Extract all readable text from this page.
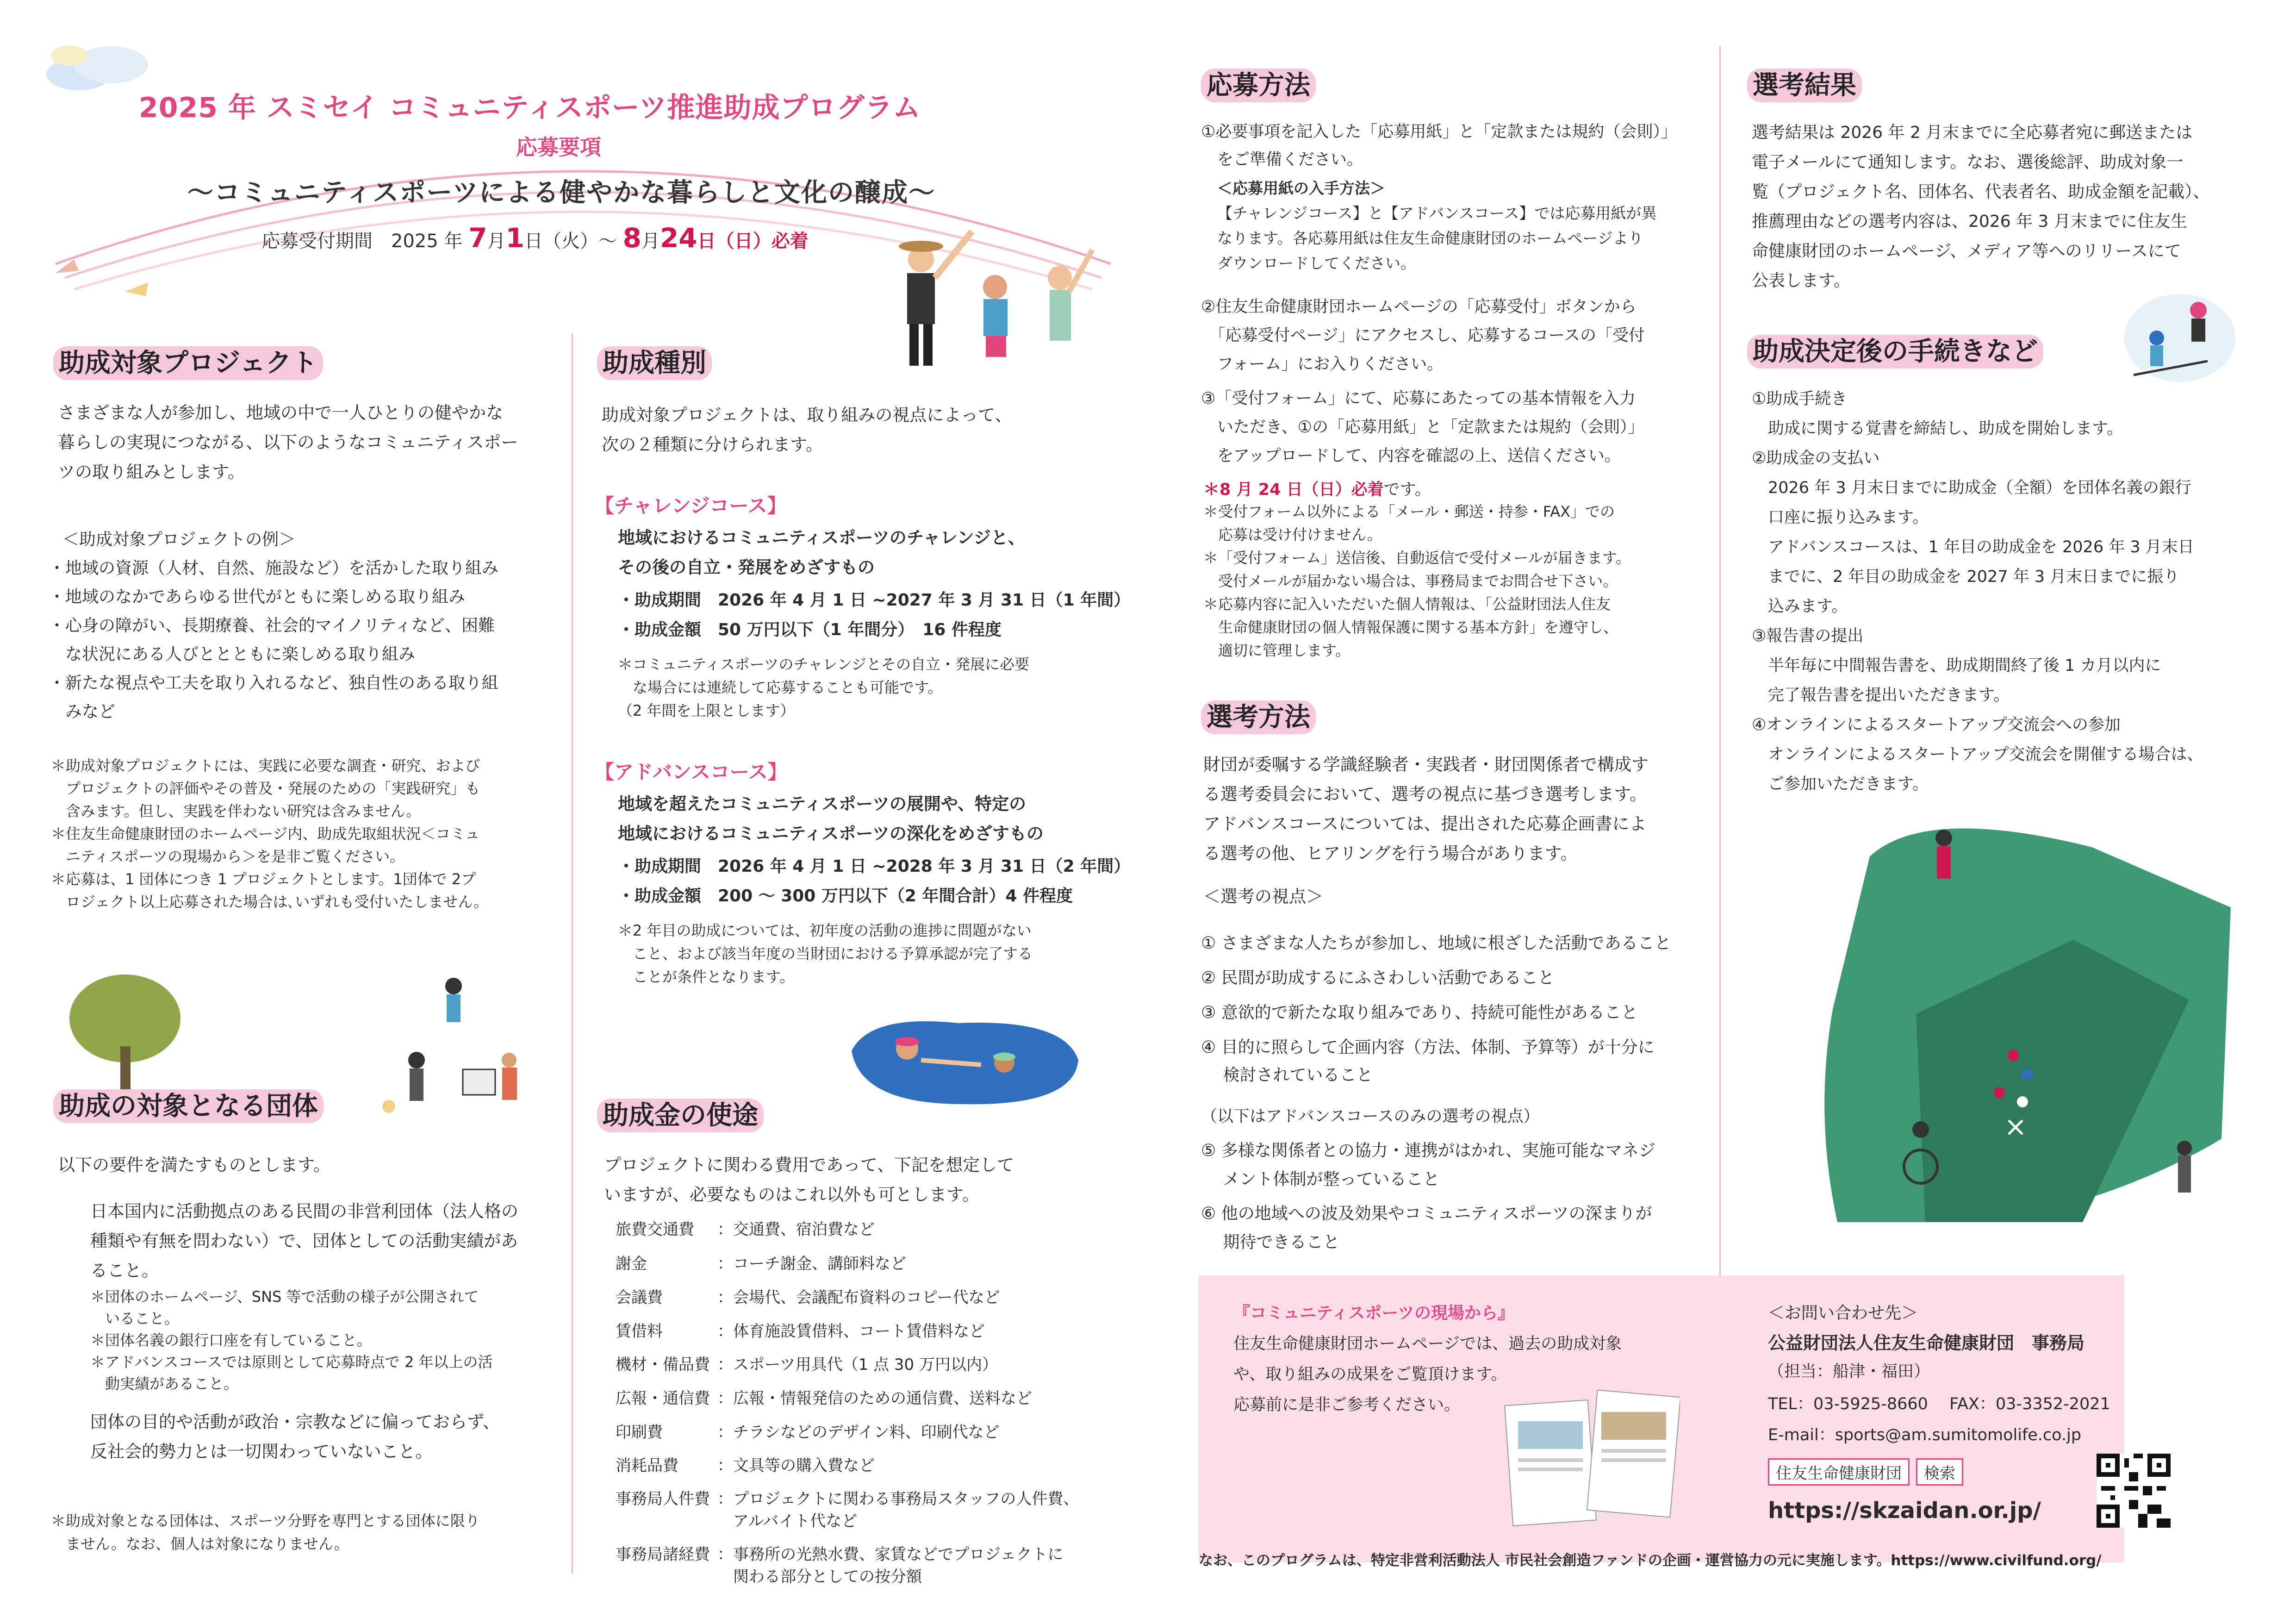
2025 年 スミセイ コミュニティスポーツ推進助成プログラム
応募要項
～コミュニティスポーツによる健やかな暮らしと文化の醸成～
応募受付期間　2025 年 7月1日（火）～ 8月24日（日）必着
助成対象プロジェクト
さまざまな人が参加し、地域の中で一人ひとりの健やかな
暮らしの実現につながる、以下のようなコミュニティスポー
ツの取り組みとします。
＜助成対象プロジェクトの例＞
・地域の資源（人材、自然、施設など）を活かした取り組み
・地域のなかであらゆる世代がともに楽しめる取り組み
・心身の障がい、長期療養、社会的マイノリティなど、困難
　な状況にある人びととともに楽しめる取り組み
・新たな視点や工夫を取り入れるなど、独自性のある取り組
　みなど
＊助成対象プロジェクトには、実践に必要な調査・研究、および
　プロジェクトの評価やその普及・発展のための「実践研究」も
　含みます。但し、実践を伴わない研究は含みません。
＊住友生命健康財団のホームページ内、助成先取組状況＜コミュ
　ニティスポーツの現場から＞を是非ご覧ください。
＊応募は、1 団体につき 1 プロジェクトとします。1団体で 2プ
　ロジェクト以上応募された場合は､いずれも受付いたしません。
助成の対象となる団体
以下の要件を満たすものとします。
日本国内に活動拠点のある民間の非営利団体（法人格の
種類や有無を問わない）で、団体としての活動実績があ
ること。
＊団体のホームページ、SNS 等で活動の様子が公開されて
　いること。
＊団体名義の銀行口座を有していること。
＊アドバンスコースでは原則として応募時点で 2 年以上の活
　動実績があること。
団体の目的や活動が政治・宗教などに偏っておらず、
反社会的勢力とは一切関わっていないこと。
＊助成対象となる団体は、スポーツ分野を専門とする団体に限り
　ません。なお、個人は対象になりません。
助成種別
助成対象プロジェクトは、取り組みの視点によって、
次の２種類に分けられます。
【チャレンジコース】
地域におけるコミュニティスポーツのチャレンジと、
その後の自立・発展をめざすもの
・助成期間　2026 年 4 月 1 日 ~2027 年 3 月 31 日（1 年間）
・助成金額　50 万円以下（1 年間分）　16 件程度
＊コミュニティスポーツのチャレンジとその自立・発展に必要
　な場合には連続して応募することも可能です。
（2 年間を上限とします）
【アドバンスコース】
地域を超えたコミュニティスポーツの展開や、特定の
地域におけるコミュニティスポーツの深化をめざすもの
・助成期間　2026 年 4 月 1 日 ~2028 年 3 月 31 日（2 年間）
・助成金額　200 ～ 300 万円以下（2 年間合計）4 件程度
＊2 年目の助成については、初年度の活動の進捗に問題がない
　こと、および該当年度の当財団における予算承認が完了する
　ことが条件となります。
助成金の使途
プロジェクトに関わる費用であって、下記を想定して
いますが、必要なものはこれ以外も可とします。
旅費交通費 ：交通費、宿泊費など
謝金	：コーチ謝金、講師料など
会議費	：会場代、会議配布資料のコピー代など
賃借料	：体育施設賃借料、コート賃借料など
機材・備品費 ：スポーツ用具代（1 点 30 万円以内）
広報・通信費 ：広報・情報発信のための通信費、送料など
印刷費	：チラシなどのデザイン料、印刷代など
消耗品費 ：文具等の購入費など
事務局人件費 ：プロジェクトに関わる事務局スタッフの人件費、
　アルバイト代など
事務局諸経費 ：事務所の光熱水費、家賃などでプロジェクトに
　関わる部分としての按分額
応募方法
①必要事項を記入した「応募用紙」と「定款または規約（会則）」
　をご準備ください。
＜応募用紙の入手方法＞
【チャレンジコース】と【アドバンスコース】では応募用紙が異
なります。各応募用紙は住友生命健康財団のホームページより
ダウンロードしてください。
②住友生命健康財団ホームページの「応募受付」ボタンから
　「応募受付ページ」にアクセスし、応募するコースの「受付
　フォーム」にお入りください。
③「受付フォーム」にて、応募にあたっての基本情報を入力
　いただき、①の「応募用紙」と「定款または規約（会則）」
　をアップロードして、内容を確認の上、送信ください。
＊8 月 24 日（日）必着です。
＊受付フォーム以外による「メール・郵送・持参・FAX」での
　応募は受け付けません。
＊「受付フォーム」送信後、自動返信で受付メールが届きます。
　受付メールが届かない場合は、事務局までお問合せ下さい。
＊応募内容に記入いただいた個人情報は、「公益財団法人住友
　生命健康財団の個人情報保護に関する基本方針」を遵守し、
　適切に管理します。
選考方法
財団が委嘱する学識経験者・実践者・財団関係者で構成す
る選考委員会において、選考の視点に基づき選考します。
アドバンスコースについては、提出された応募企画書によ
る選考の他、ヒアリングを行う場合があります。
＜選考の視点＞
① さまざまな人たちが参加し、地域に根ざした活動であること
② 民間が助成するにふさわしい活動であること
③ 意欲的で新たな取り組みであり、持続可能性があること
④ 目的に照らして企画内容（方法、体制、予算等）が十分に
　 検討されていること
（以下はアドバンスコースのみの選考の視点）
⑤ 多様な関係者との協力・連携がはかれ、実施可能なマネジ
　 メント体制が整っていること
⑥ 他の地域への波及効果やコミュニティスポーツの深まりが
　 期待できること
選考結果
選考結果は 2026 年 2 月末までに全応募者宛に郵送または
電子メールにて通知します。なお、選後総評、助成対象一
覧（プロジェクト名、団体名、代表者名、助成金額を記載）、
推薦理由などの選考内容は、2026 年 3 月末までに住友生
命健康財団のホームページ、メディア等へのリリースにて
公表します。
助成決定後の手続きなど
①助成手続き
　助成に関する覚書を締結し、助成を開始します。
②助成金の支払い
　2026 年 3 月末日までに助成金（全額）を団体名義の銀行
　口座に振り込みます。
　アドバンスコースは、1 年目の助成金を 2026 年 3 月末日
　までに、2 年目の助成金を 2027 年 3 月末日までに振り
　込みます。
③報告書の提出
　半年毎に中間報告書を、助成期間終了後 1 カ月以内に
　完了報告書を提出いただきます。
④オンラインによるスタートアップ交流会への参加
　オンラインによるスタートアップ交流会を開催する場合は、
　ご参加いただきます。
『コミュニティスポーツの現場から』
住友生命健康財団ホームページでは、過去の助成対象
や、取り組みの成果をご覧頂けます。
応募前に是非ご参考ください。
＜お問い合わせ先＞
公益財団法人住友生命健康財団　事務局
（担当：船津・福田）
TEL：03-5925-8660　 FAX：03-3352-2021
E-mail：sports@am.sumitomolife.co.jp
住友生命健康財団 検索
https://skzaidan.or.jp/
なお、このプログラムは、特定非営利活動法人 市民社会創造ファンドの企画・運営協力の元に実施します。https://www.civilfund.org/
